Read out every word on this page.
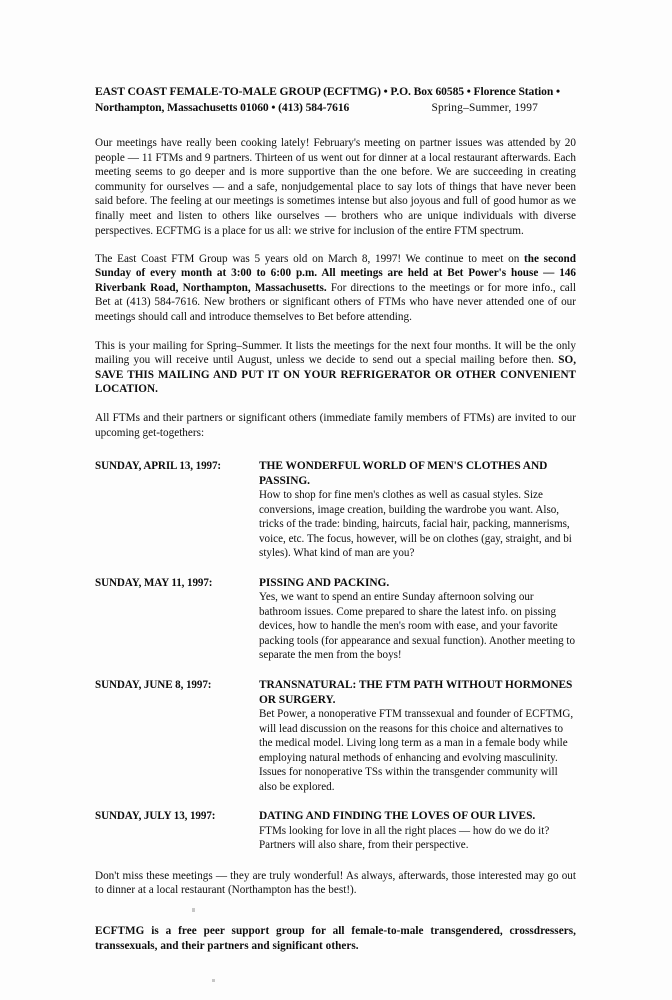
EAST COAST FEMALE-TO-MALE GROUP (ECFTMG) • P.O. Box 60585 • Florence Station •
Northampton, Massachusetts 01060 • (413) 584-7616	Spring–Summer, 1997

Our meetings have really been cooking lately! February's meeting on partner issues was attended by 20 people — 11 FTMs and 9 partners. Thirteen of us went out for dinner at a local restaurant afterwards. Each meeting seems to go deeper and is more supportive than the one before. We are succeeding in creating community for ourselves — and a safe, nonjudgemental place to say lots of things that have never been said before. The feeling at our meetings is sometimes intense but also joyous and full of good humor as we finally meet and listen to others like ourselves — brothers who are unique individuals with diverse perspectives. ECFTMG is a place for us all: we strive for inclusion of the entire FTM spectrum.

The East Coast FTM Group was 5 years old on March 8, 1997! We continue to meet on the second Sunday of every month at 3:00 to 6:00 p.m. All meetings are held at Bet Power's house — 146 Riverbank Road, Northampton, Massachusetts. For directions to the meetings or for more info., call Bet at (413) 584-7616. New brothers or significant others of FTMs who have never attended one of our meetings should call and introduce themselves to Bet before attending.

This is your mailing for Spring–Summer. It lists the meetings for the next four months. It will be the only mailing you will receive until August, unless we decide to send out a special mailing before then. SO, SAVE THIS MAILING AND PUT IT ON YOUR REFRIGERATOR OR OTHER CONVENIENT LOCATION.

All FTMs and their partners or significant others (immediate family members of FTMs) are invited to our upcoming get-togethers:

SUNDAY, APRIL 13, 1997:	THE WONDERFUL WORLD OF MEN'S CLOTHES AND PASSING.
How to shop for fine men's clothes as well as casual styles. Size conversions, image creation, building the wardrobe you want. Also, tricks of the trade: binding, haircuts, facial hair, packing, mannerisms, voice, etc. The focus, however, will be on clothes (gay, straight, and bi styles). What kind of man are you?
SUNDAY, MAY 11, 1997:	PISSING AND PACKING.
Yes, we want to spend an entire Sunday afternoon solving our bathroom issues. Come prepared to share the latest info. on pissing devices, how to handle the men's room with ease, and your favorite packing tools (for appearance and sexual function). Another meeting to separate the men from the boys!
SUNDAY, JUNE 8, 1997:	TRANSNATURAL: THE FTM PATH WITHOUT HORMONES OR SURGERY.
Bet Power, a nonoperative FTM transsexual and founder of ECFTMG, will lead discussion on the reasons for this choice and alternatives to the medical model. Living long term as a man in a female body while employing natural methods of enhancing and evolving masculinity. Issues for nonoperative TSs within the transgender community will also be explored.
SUNDAY, JULY 13, 1997:	DATING AND FINDING THE LOVES OF OUR LIVES.
FTMs looking for love in all the right places — how do we do it? Partners will also share, from their perspective.

Don't miss these meetings — they are truly wonderful! As always, afterwards, those interested may go out to dinner at a local restaurant (Northampton has the best!).

ECFTMG is a free peer support group for all female-to-male transgendered, crossdressers, transsexuals, and their partners and significant others.
